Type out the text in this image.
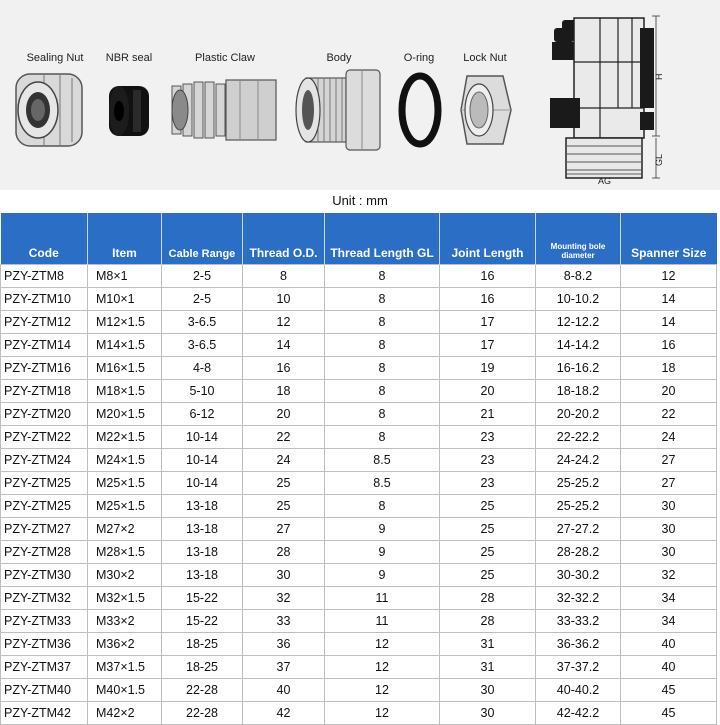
Sealing Nut NBR seal	Plastic Claw	Body	O-ring	Lock Nut
H
GL
AG
Unit : mm
Code	Item	Cable Range	Thread O.D.	Thread Length GL	Joint Length	Mounting bole diameter	Spanner Size
PZY-ZTM8	M8×1	2-5	8	8	16	8-8.2	12
PZY-ZTM10	M10×1	2-5	10	8	16	10-10.2	14
PZY-ZTM12	M12×1.5	3-6.5	12	8	17	12-12.2	14
PZY-ZTM14	M14×1.5	3-6.5	14	8	17	14-14.2	16
PZY-ZTM16	M16×1.5	4-8	16	8	19	16-16.2	18
PZY-ZTM18	M18×1.5	5-10	18	8	20	18-18.2	20
PZY-ZTM20	M20×1.5	6-12	20	8	21	20-20.2	22
PZY-ZTM22	M22×1.5	10-14	22	8	23	22-22.2	24
PZY-ZTM24	M24×1.5	10-14	24	8.5	23	24-24.2	27
PZY-ZTM25	M25×1.5	10-14	25	8.5	23	25-25.2	27
PZY-ZTM25	M25×1.5	13-18	25	8	25	25-25.2	30
PZY-ZTM27	M27×2	13-18	27	9	25	27-27.2	30
PZY-ZTM28	M28×1.5	13-18	28	9	25	28-28.2	30
PZY-ZTM30	M30×2	13-18	30	9	25	30-30.2	32
PZY-ZTM32	M32×1.5	15-22	32	11	28	32-32.2	34
PZY-ZTM33	M33×2	15-22	33	11	28	33-33.2	34
PZY-ZTM36	M36×2	18-25	36	12	31	36-36.2	40
PZY-ZTM37	M37×1.5	18-25	37	12	31	37-37.2	40
PZY-ZTM40	M40×1.5	22-28	40	12	30	40-40.2	45
PZY-ZTM42	M42×2	22-28	42	12	30	42-42.2	45
